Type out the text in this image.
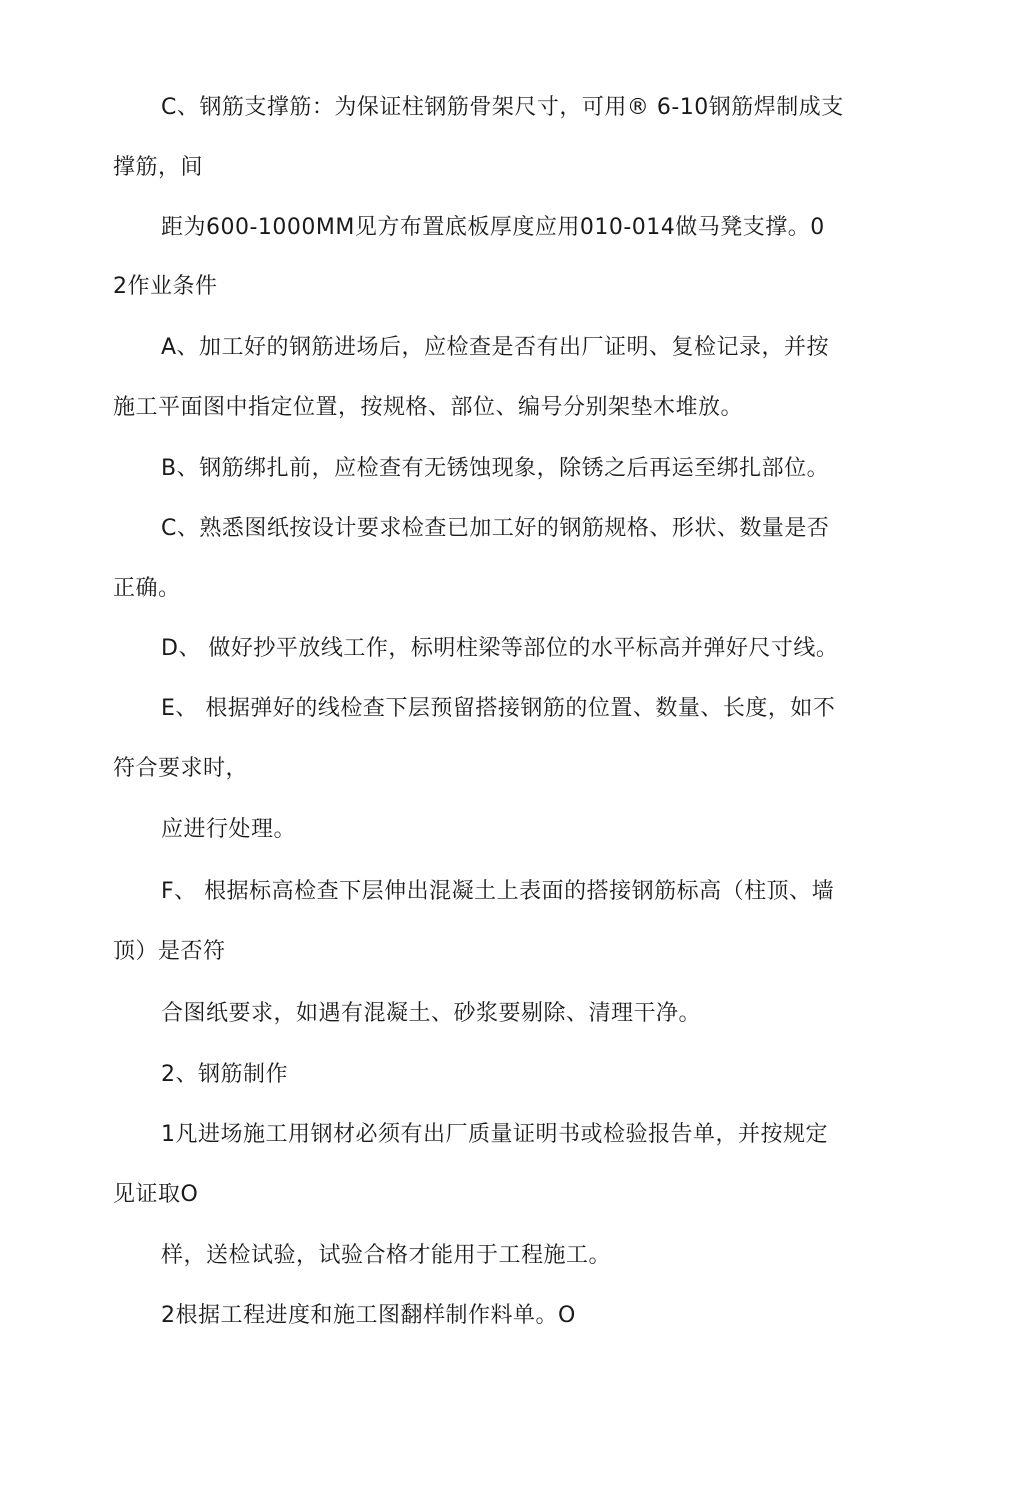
C、钢筋支撑筋：为保证柱钢筋骨架尺寸，可用® 6-10钢筋焊制成支
撑筋，间
距为600-1000MM见方布置底板厚度应用010-014做马凳支撑。0
2作业条件
A、加工好的钢筋进场后，应检查是否有出厂证明、复检记录，并按
施工平面图中指定位置，按规格、部位、编号分别架垫木堆放。
B、钢筋绑扎前，应检查有无锈蚀现象，除锈之后再运至绑扎部位。
C、熟悉图纸按设计要求检查已加工好的钢筋规格、形状、数量是否
正确。
D、 做好抄平放线工作，标明柱梁等部位的水平标高并弹好尺寸线。
E、 根据弹好的线检查下层预留搭接钢筋的位置、数量、长度，如不
符合要求时，
应进行处理。
F、 根据标高检查下层伸出混凝土上表面的搭接钢筋标高（柱顶、墙
顶）是否符
合图纸要求，如遇有混凝土、砂浆要剔除、清理干净。
2、钢筋制作
1凡进场施工用钢材必须有出厂质量证明书或检验报告单，并按规定
见证取O
样，送检试验，试验合格才能用于工程施工。
2根据工程进度和施工图翻样制作料单。O
